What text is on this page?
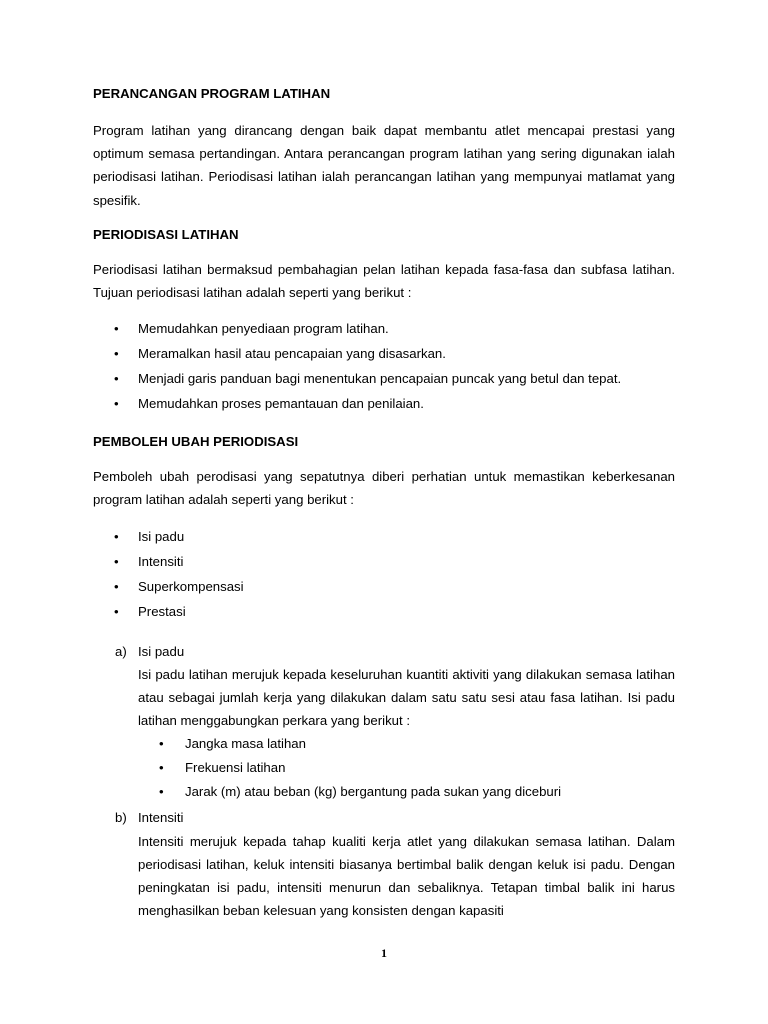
PERANCANGAN PROGRAM LATIHAN

Program latihan yang dirancang dengan baik dapat membantu atlet mencapai prestasi yang optimum semasa pertandingan. Antara perancangan program latihan yang sering digunakan ialah periodisasi latihan. Periodisasi latihan ialah perancangan latihan yang mempunyai matlamat yang spesifik.

PERIODISASI LATIHAN

Periodisasi latihan bermaksud pembahagian pelan latihan kepada fasa-fasa dan subfasa latihan. Tujuan periodisasi latihan adalah seperti yang berikut :

• Memudahkan penyediaan program latihan.
• Meramalkan hasil atau pencapaian yang disasarkan.
• Menjadi garis panduan bagi menentukan pencapaian puncak yang betul dan tepat.
• Memudahkan proses pemantauan dan penilaian.
PEMBOLEH UBAH PERIODISASI

Pemboleh ubah perodisasi yang sepatutnya diberi perhatian untuk memastikan keberkesanan program latihan adalah seperti yang berikut :

• Isi padu
• Intensiti
• Superkompensasi
• Prestasi
a) Isi padu

Isi padu latihan merujuk kepada keseluruhan kuantiti aktiviti yang dilakukan semasa latihan atau sebagai jumlah kerja yang dilakukan dalam satu satu sesi atau fasa latihan. Isi padu latihan menggabungkan perkara yang berikut :

• Jangka masa latihan
• Frekuensi latihan
• Jarak (m) atau beban (kg) bergantung pada sukan yang diceburi
b) Intensiti

Intensiti merujuk kepada tahap kualiti kerja atlet yang dilakukan semasa latihan. Dalam periodisasi latihan, keluk intensiti biasanya bertimbal balik dengan keluk isi padu. Dengan peningkatan isi padu, intensiti menurun dan sebaliknya. Tetapan timbal balik ini harus menghasilkan beban kelesuan yang konsisten dengan kapasiti

1
